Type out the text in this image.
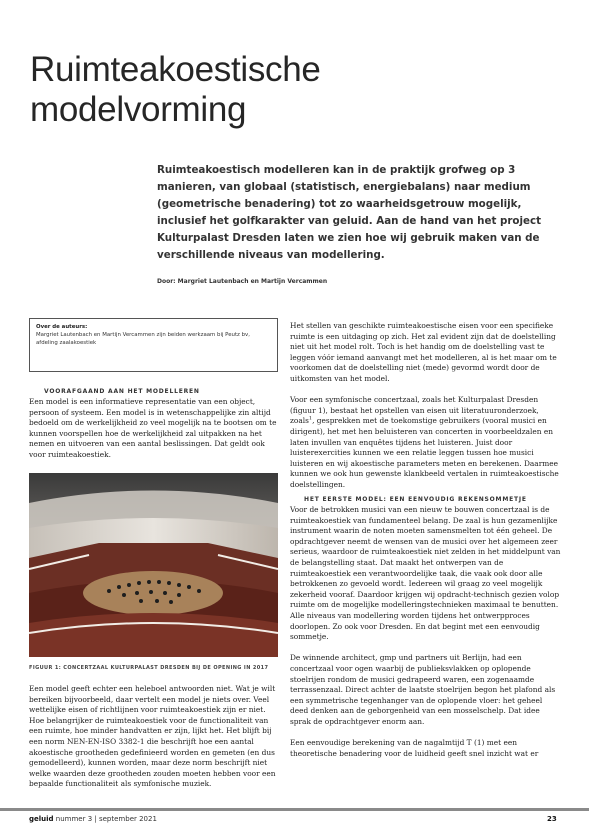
Ruimteakoestische
modelvorming
Ruimteakoestisch modelleren kan in de praktijk grofweg op 3 manieren, van globaal (statistisch, energiebalans) naar medium (geometrische benadering) tot zo waarheidsgetrouw mogelijk, inclusief het golfkarakter van geluid. Aan de hand van het project Kulturpalast Dresden laten we zien hoe wij gebruik maken van de verschillende niveaus van modellering.
Door: Margriet Lautenbach en Martijn Vercammen
Over de auteurs:
Margriet Lautenbach en Martijn Vercammen zijn beiden werkzaam bij Peutz bv, afdeling zaalakoestiek
VOORAFGAAND AAN HET MODELLEREN

Een model is een informatieve representatie van een object, persoon of systeem. Een model is in wetenschappelijke zin altijd bedoeld om de werkelijkheid zo veel mogelijk na te bootsen om te kunnen voorspellen hoe de werkelijkheid zal uitpakken na het nemen en uitvoeren van een aantal beslissingen. Dat geldt ook voor ruimteakoestiek.

FIGUUR 1: CONCERTZAAL KULTURPALAST DRESDEN BIJ DE OPENING IN 2017

Een model geeft echter een heleboel antwoorden niet. Wat je wilt bereiken bijvoorbeeld, daar vertelt een model je niets over. Veel wettelijke eisen of richtlijnen voor ruimteakoestiek zijn er niet. Hoe belangrijker de ruimteakoestiek voor de functionaliteit van een ruimte, hoe minder handvatten er zijn, lijkt het. Het blijft bij een norm NEN-EN-ISO 3382-1 die beschrijft hoe een aantal akoestische grootheden gedefinieerd worden en gemeten (en dus gemodelleerd), kunnen worden, maar deze norm beschrijft niet welke waarden deze grootheden zouden moeten hebben voor een bepaalde functionaliteit als symfonische muziek.

Het stellen van geschikte ruimteakoestische eisen voor een specifieke ruimte is een uitdaging op zich. Het zal evident zijn dat de doelstelling niet uit het model rolt. Toch is het handig om de doelstelling vast te leggen vóór iemand aanvangt met het modelleren, al is het maar om te voorkomen dat de doelstelling niet (mede) gevormd wordt door de uitkomsten van het model.

Voor een symfonische concertzaal, zoals het Kulturpalast Dresden (figuur 1), bestaat het opstellen van eisen uit literatuuronderzoek, zoals$^1$, gesprekken met de toekomstige gebruikers (vooral musici en dirigent), het met hen beluisteren van concerten in voorbeeldzalen en laten invullen van enquêtes tijdens het luisteren. Juist door luisterexercities kunnen we een relatie leggen tussen hoe musici luisteren en wij akoestische parameters meten en berekenen. Daarmee kunnen we ook hun gewenste klankbeeld vertalen in ruimteakoestische doelstellingen.

HET EERSTE MODEL: EEN EENVOUDIG REKENSOMMETJE

Voor de betrokken musici van een nieuw te bouwen concertzaal is de ruimteakoestiek van fundamenteel belang. De zaal is hun gezamenlijke instrument waarin de noten moeten samensmelten tot één geheel. De opdrachtgever neemt de wensen van de musici over het algemeen zeer serieus, waardoor de ruimteakoestiek niet zelden in het middelpunt van de belangstelling staat. Dat maakt het ontwerpen van de ruimteakoestiek een verantwoordelijke taak, die vaak ook door alle betrokkenen zo gevoeld wordt. Iedereen wil graag zo veel mogelijk zekerheid vooraf. Daardoor krijgen wij opdracht-technisch gezien volop ruimte om de mogelijke modelleringstechnieken maximaal te benutten. Alle niveaus van modellering worden tijdens het ontwerpproces doorlopen. Zo ook voor Dresden. En dat begint met een eenvoudig sommetje.

De winnende architect, gmp und partners uit Berlijn, had een concertzaal voor ogen waarbij de publieksvlakken op oplopende stoelrijen rondom de musici gedrapeerd waren, een zogenaamde terrassenzaal. Direct achter de laatste stoelrijen begon het plafond als een symmetrische tegenhanger van de oplopende vloer: het geheel deed denken aan de geborgenheid van een mosselschelp. Dat idee sprak de opdrachtgever enorm aan.

Een eenvoudige berekening van de nagalmtijd T (1) met een theoretische benadering voor de luidheid geeft snel inzicht wat er

geluid nummer 3 | september 2021	23
